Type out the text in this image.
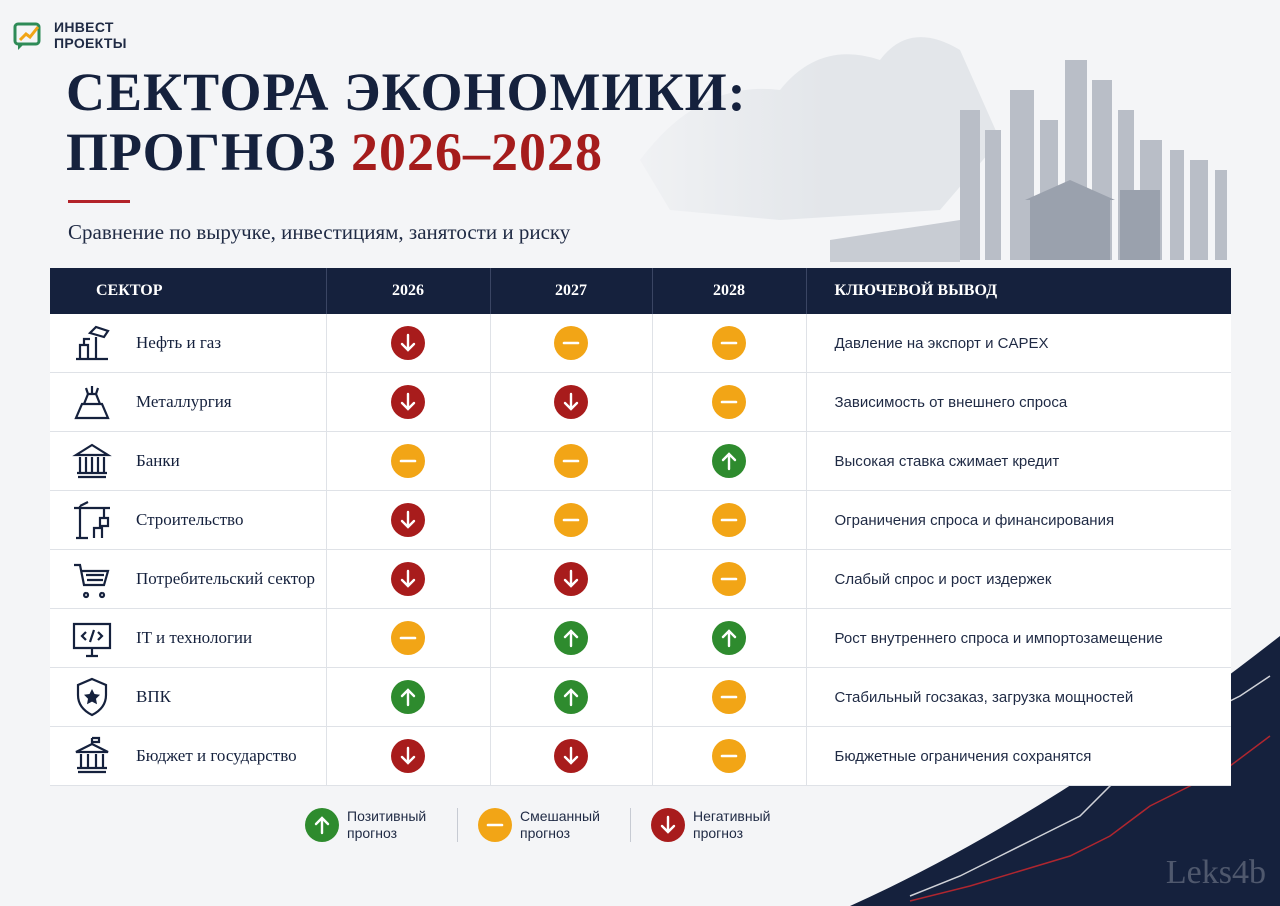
ИНВЕСТ
ПРОЕКТЫ
СЕКТОРА ЭКОНОМИКИ:
ПРОГНОЗ 2026–2028
Сравнение по выручке, инвестициям, занятости и риску
СЕКТОР	2026	2027	2028	КЛЮЧЕВОЙ ВЫВОД

Нефть и газ				Давление на экспорт и CAPEX

Металлургия				Зависимость от внешнего спроса

Банки				Высокая ставка сжимает кредит

Строительство				Ограничения спроса и финансирования

Потребительский сектор				Слабый спрос и рост издержек

IT и технологии				Рост внутреннего спроса и импортозамещение

ВПК				Стабильный госзаказ, загрузка мощностей

Бюджет и государство				Бюджетные ограничения сохранятся
Позитивный прогноз
Смешанный прогноз
Негативный прогноз
Leks4b
